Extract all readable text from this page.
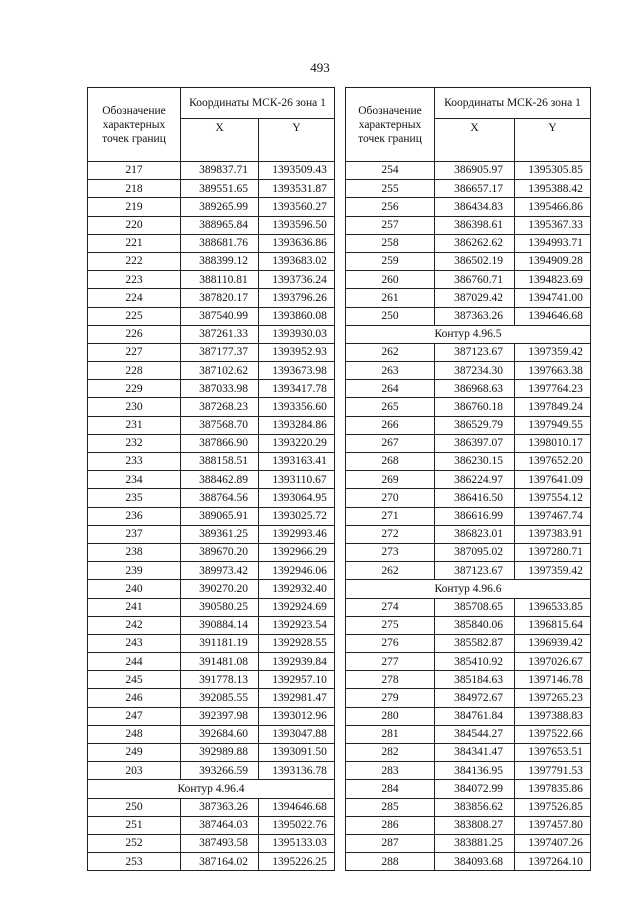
493
Обозначение характерных точек границ	Координаты МСК-26 зона 1	
	X	Y
217	389837.71	1393509.43
218	389551.65	1393531.87
219	389265.99	1393560.27
220	388965.84	1393596.50
221	388681.76	1393636.86
222	388399.12	1393683.02
223	388110.81	1393736.24
224	387820.17	1393796.26
225	387540.99	1393860.08
226	387261.33	1393930.03
227	387177.37	1393952.93
228	387102.62	1393673.98
229	387033.98	1393417.78
230	387268.23	1393356.60
231	387568.70	1393284.86
232	387866.90	1393220.29
233	388158.51	1393163.41
234	388462.89	1393110.67
235	388764.56	1393064.95
236	389065.91	1393025.72
237	389361.25	1392993.46
238	389670.20	1392966.29
239	389973.42	1392946.06
240	390270.20	1392932.40
241	390580.25	1392924.69
242	390884.14	1392923.54
243	391181.19	1392928.55
244	391481.08	1392939.84
245	391778.13	1392957.10
246	392085.55	1392981.47
247	392397.98	1393012.96
248	392684.60	1393047.88
249	392989.88	1393091.50
203	393266.59	1393136.78
Контур 4.96.4		
250	387363.26	1394646.68
251	387464.03	1395022.76
252	387493.58	1395133.03
253	387164.02	1395226.25
Обозначение характерных точек границ	Координаты МСК-26 зона 1	
	X	Y
254	386905.97	1395305.85
255	386657.17	1395388.42
256	386434.83	1395466.86
257	386398.61	1395367.33
258	386262.62	1394993.71
259	386502.19	1394909.28
260	386760.71	1394823.69
261	387029.42	1394741.00
250	387363.26	1394646.68
Контур 4.96.5		
262	387123.67	1397359.42
263	387234.30	1397663.38
264	386968.63	1397764.23
265	386760.18	1397849.24
266	386529.79	1397949.55
267	386397.07	1398010.17
268	386230.15	1397652.20
269	386224.97	1397641.09
270	386416.50	1397554.12
271	386616.99	1397467.74
272	386823.01	1397383.91
273	387095.02	1397280.71
262	387123.67	1397359.42
Контур 4.96.6		
274	385708.65	1396533.85
275	385840.06	1396815.64
276	385582.87	1396939.42
277	385410.92	1397026.67
278	385184.63	1397146.78
279	384972.67	1397265.23
280	384761.84	1397388.83
281	384544.27	1397522.66
282	384341.47	1397653.51
283	384136.95	1397791.53
284	384072.99	1397835.86
285	383856.62	1397526.85
286	383808.27	1397457.80
287	383881.25	1397407.26
288	384093.68	1397264.10
